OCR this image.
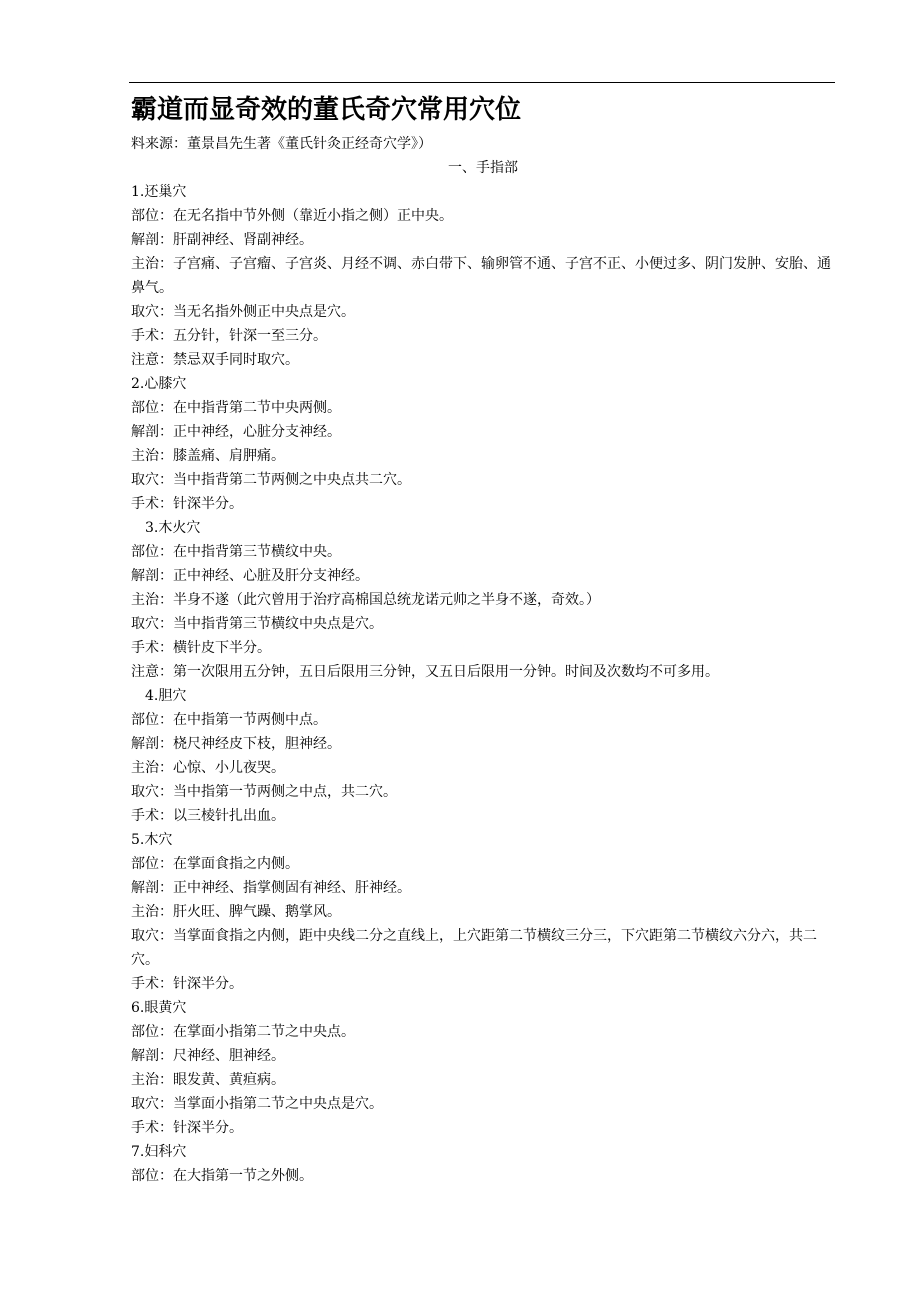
霸道而显奇效的董氏奇穴常用穴位
料来源：董景昌先生著《董氏针灸正经奇穴学》）
一、手指部
1.还巢穴
部位：在无名指中节外侧（靠近小指之侧）正中央。
解剖：肝副神经、肾副神经。
主治：子宫痛、子宫瘤、子宫炎、月经不调、赤白带下、输卵管不通、子宫不正、小便过多、阴门发肿、安胎、通鼻气。
取穴：当无名指外侧正中央点是穴。
手术：五分针，针深一至三分。
注意：禁忌双手同时取穴。
2.心膝穴
部位：在中指背第二节中央两侧。
解剖：正中神经，心脏分支神经。
主治：膝盖痛、肩胛痛。
取穴：当中指背第二节两侧之中央点共二穴。
手术：针深半分。
3.木火穴
部位：在中指背第三节横纹中央。
解剖：正中神经、心脏及肝分支神经。
主治：半身不遂（此穴曾用于治疗高棉国总统龙诺元帅之半身不遂，奇效。）
取穴：当中指背第三节横纹中央点是穴。
手术：横针皮下半分。
注意：第一次限用五分钟，五日后限用三分钟，又五日后限用一分钟。时间及次数均不可多用。
4.胆穴
部位：在中指第一节两侧中点。
解剖：桡尺神经皮下枝，胆神经。
主治：心惊、小儿夜哭。
取穴：当中指第一节两侧之中点，共二穴。
手术：以三棱针扎出血。
5.木穴
部位：在掌面食指之内侧。
解剖：正中神经、指掌侧固有神经、肝神经。
主治：肝火旺、脾气躁、鹅掌风。
取穴：当掌面食指之内侧，距中央线二分之直线上，上穴距第二节横纹三分三，下穴距第二节横纹六分六，共二穴。
手术：针深半分。
6.眼黄穴
部位：在掌面小指第二节之中央点。
解剖：尺神经、胆神经。
主治：眼发黄、黄疸病。
取穴：当掌面小指第二节之中央点是穴。
手术：针深半分。
7.妇科穴
部位：在大指第一节之外侧。
